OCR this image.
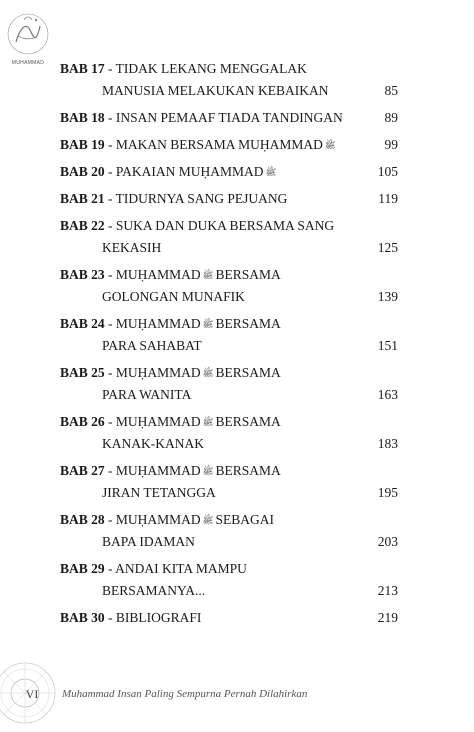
MUHAMMAD	BAB 17 - TIDAK LEKANG MENGGALAK
MANUSIA MELAKUKAN KEBAIKAN	85
BAB 18 - INSAN PEMAAF TIADA TANDINGAN	89
BAB 19 - MAKAN BERSAMA MUḤAMMAD ﷺ	99
BAB 20 - PAKAIAN MUḤAMMAD ﷺ	105
BAB 21 - TIDURNYA SANG PEJUANG	119
BAB 22 - SUKA DAN DUKA BERSAMA SANG
KEKASIH	125
BAB 23 - MUḤAMMAD ﷺ BERSAMA
GOLONGAN MUNAFIK	139
BAB 24 - MUḤAMMAD ﷺ BERSAMA
PARA SAHABAT	151
BAB 25 - MUḤAMMAD ﷺ BERSAMA
PARA WANITA	163
BAB 26 - MUḤAMMAD ﷺ BERSAMA
KANAK-KANAK	183
BAB 27 - MUḤAMMAD ﷺ BERSAMA
JIRAN TETANGGA	195
BAB 28 - MUḤAMMAD ﷺ SEBAGAI
BAPA IDAMAN	203
BAB 29 - ANDAI KITA MAMPU
BERSAMANYA...	213
BAB 30 - BIBLIOGRAFI	219
VI	Muhammad Insan Paling Sempurna Pernah Dilahirkan
